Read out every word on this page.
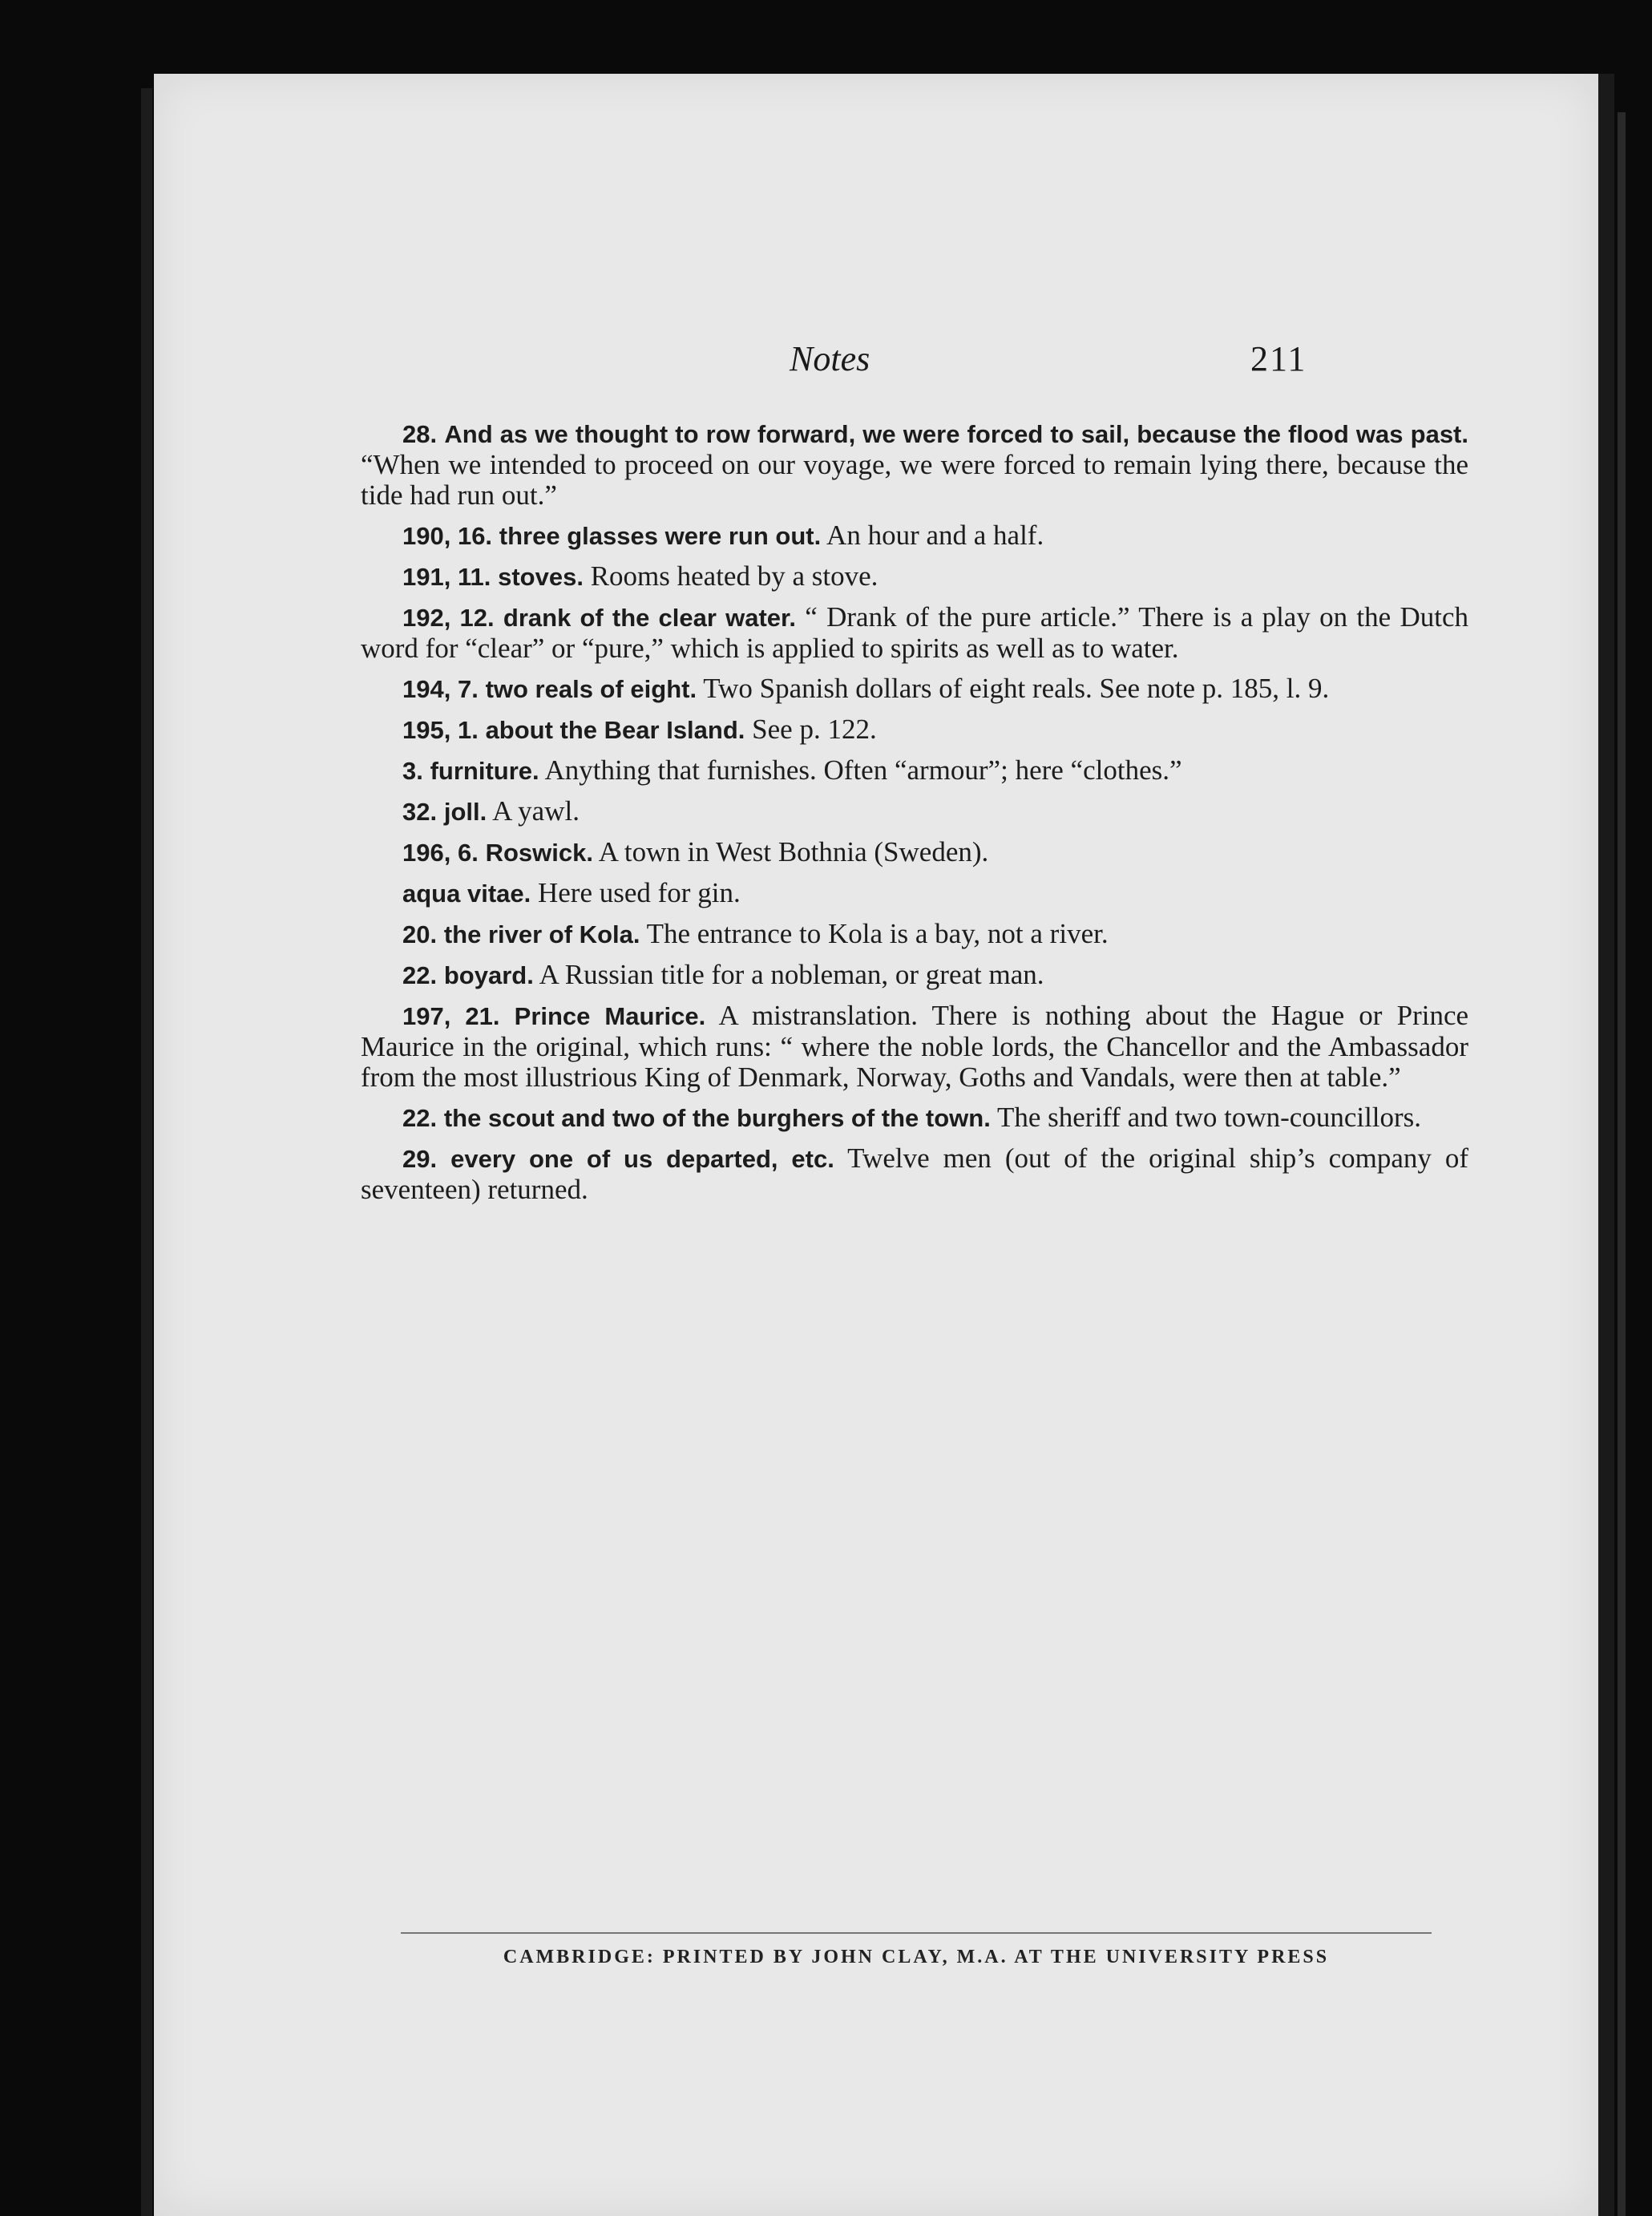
Notes	211

28. And as we thought to row forward, we were forced to sail, because the flood was past. “When we intended to proceed on our voyage, we were forced to remain lying there, because the tide had run out.”

190, 16. three glasses were run out. An hour and a half.

191, 11. stoves. Rooms heated by a stove.

192, 12. drank of the clear water. “ Drank of the pure article.” There is a play on the Dutch word for “clear” or “pure,” which is applied to spirits as well as to water.

194, 7. two reals of eight. Two Spanish dollars of eight reals. See note p. 185, l. 9.

195, 1. about the Bear Island. See p. 122.

3. furniture. Anything that furnishes. Often “armour”; here “clothes.”

32. joll. A yawl.

196, 6. Roswick. A town in West Bothnia (Sweden).

aqua vitae. Here used for gin.

20. the river of Kola. The entrance to Kola is a bay, not a river.

22. boyard. A Russian title for a nobleman, or great man.

197, 21. Prince Maurice. A mistranslation. There is nothing about the Hague or Prince Maurice in the original, which runs: “ where the noble lords, the Chancellor and the Ambassador from the most illustrious King of Denmark, Norway, Goths and Vandals, were then at table.”

22. the scout and two of the burghers of the town. The sheriff and two town-councillors.

29. every one of us departed, etc. Twelve men (out of the original ship’s company of seventeen) returned.

CAMBRIDGE: PRINTED BY JOHN CLAY, M.A. AT THE UNIVERSITY PRESS
